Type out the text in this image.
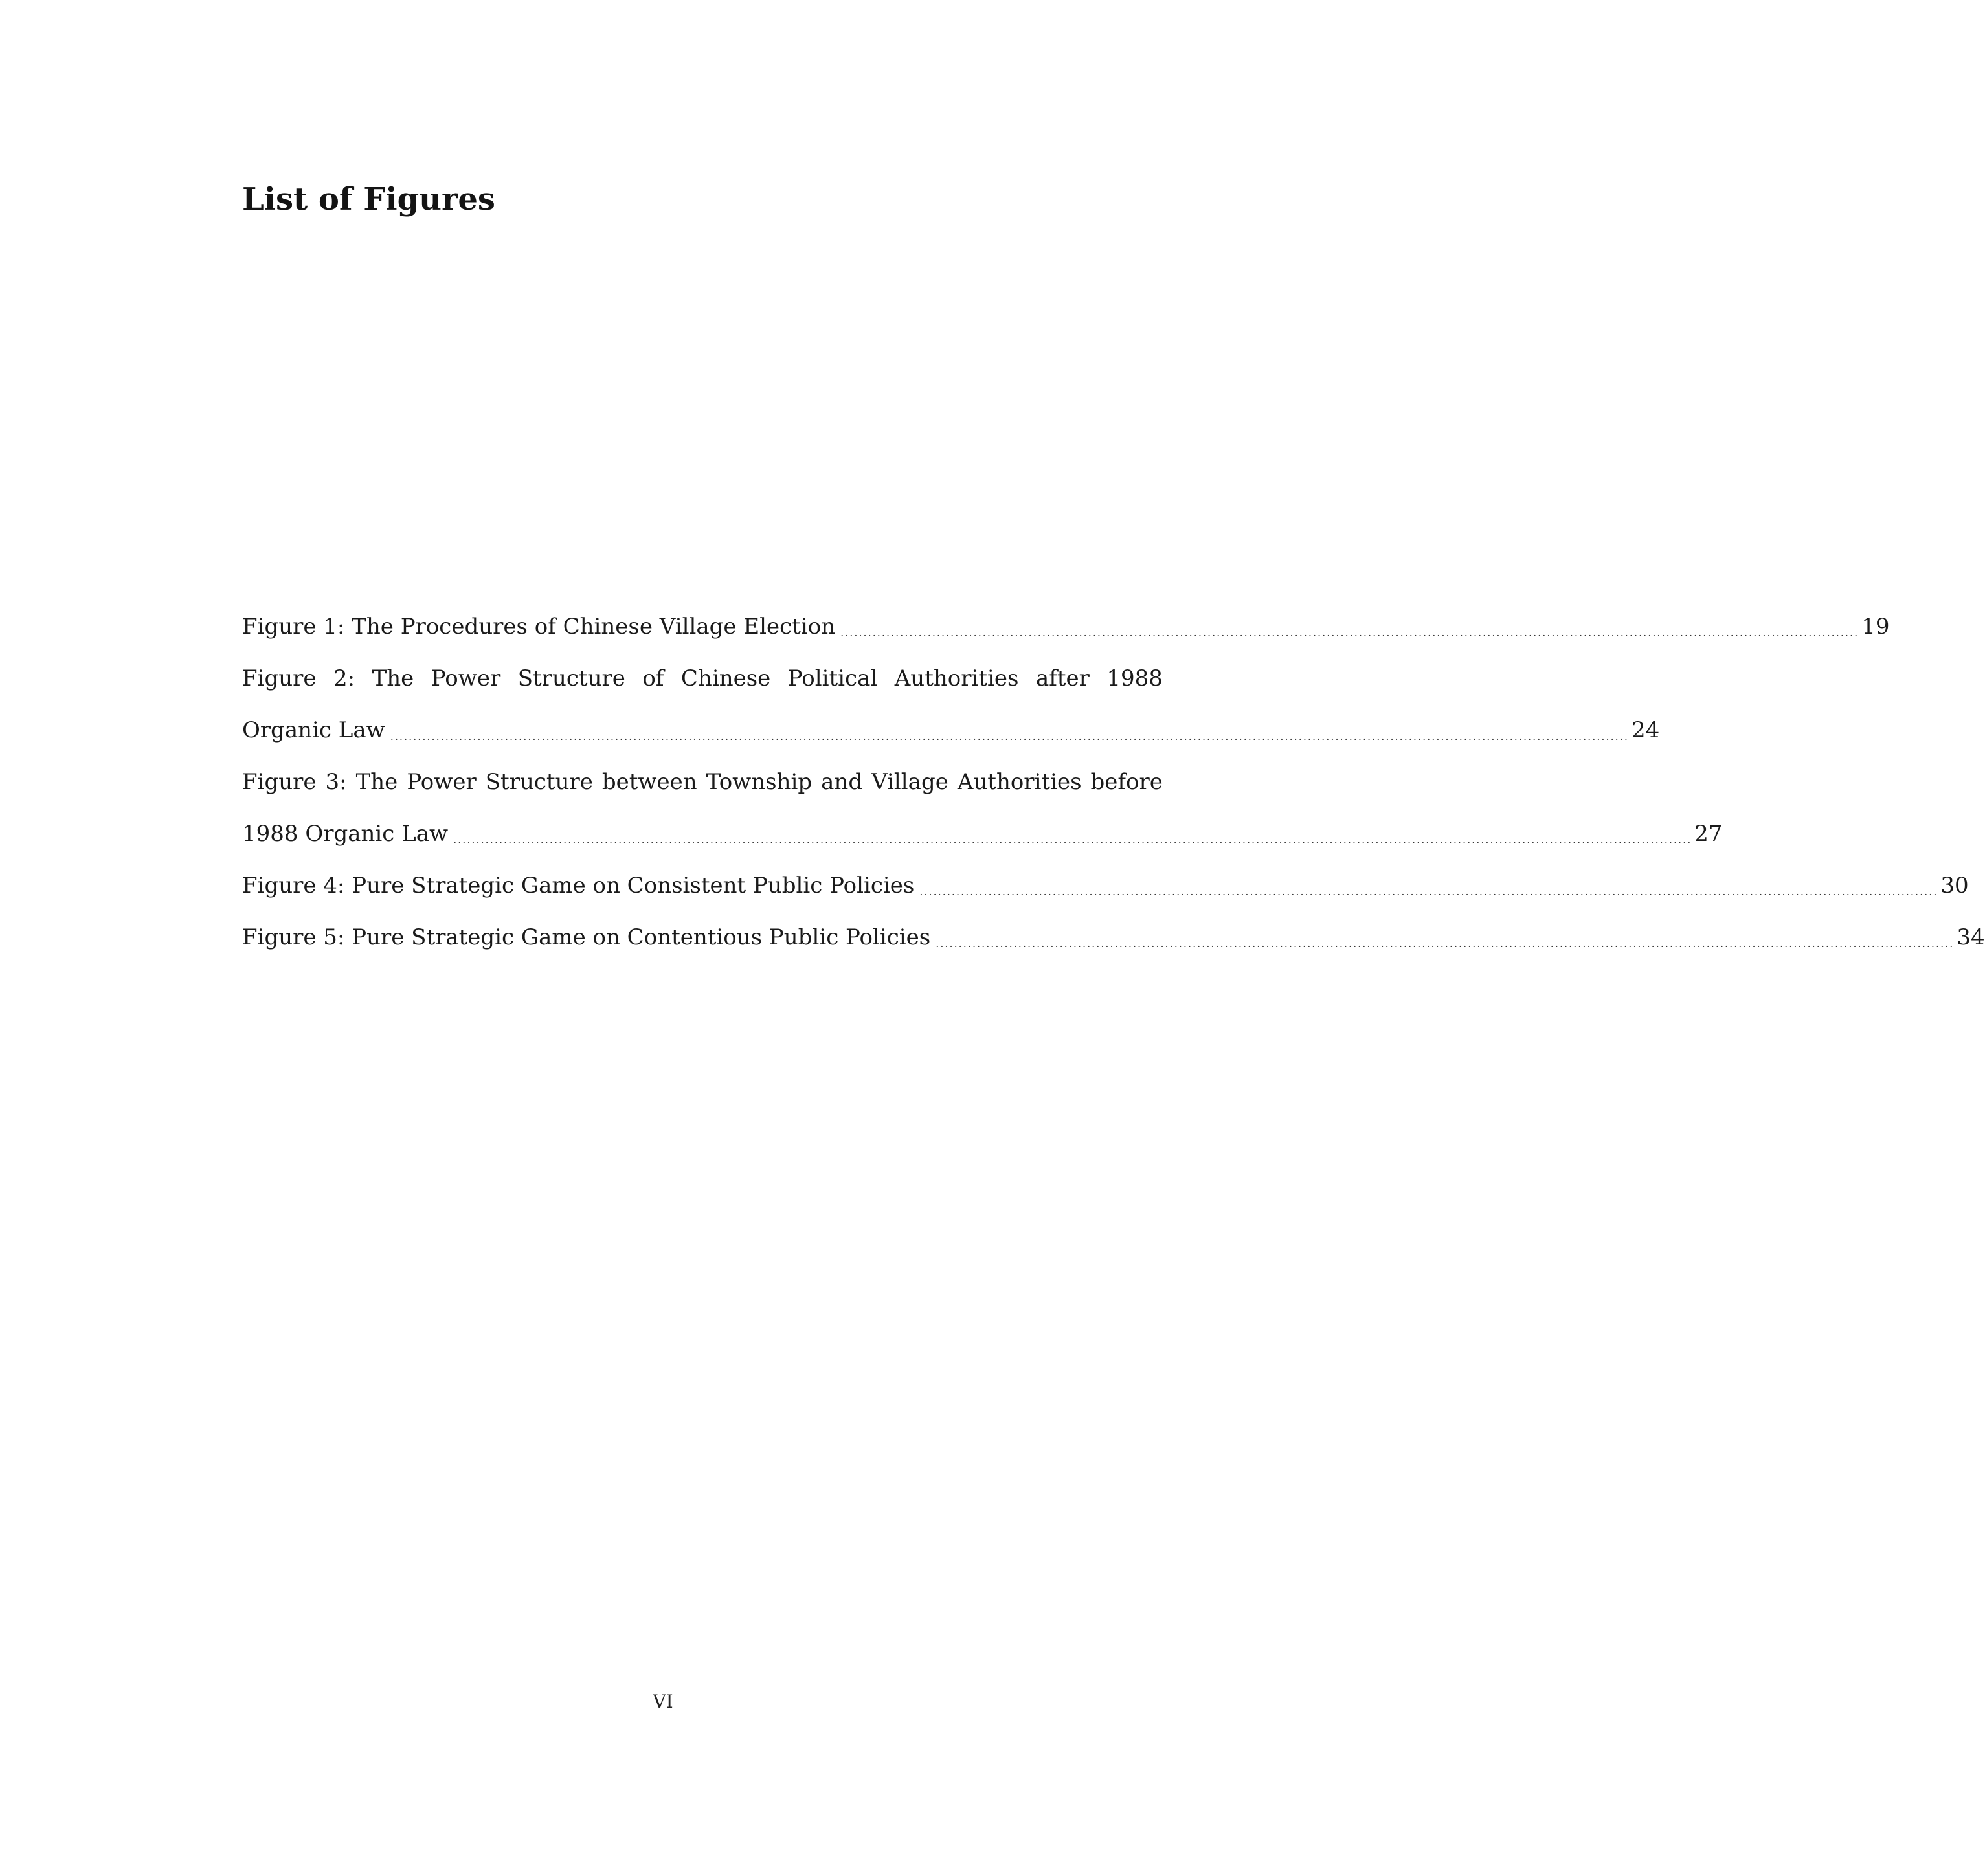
List of Figures
Figure 1: The Procedures of Chinese Village Election .............................................................................................................................................................................................................................. 19
Figure 2: The Power Structure of Chinese Political Authorities after 1988
Organic Law .............................................................................................................................................................................................................................................................................. 24
Figure 3: The Power Structure between Township and Village Authorities before
1988 Organic Law .............................................................................................................................................................................................................................................................................. 27
Figure 4: Pure Strategic Game on Consistent Public Policies .............................................................................................................................................................................................................................. 30
Figure 5: Pure Strategic Game on Contentious Public Policies .............................................................................................................................................................................................................................. 34
VI
